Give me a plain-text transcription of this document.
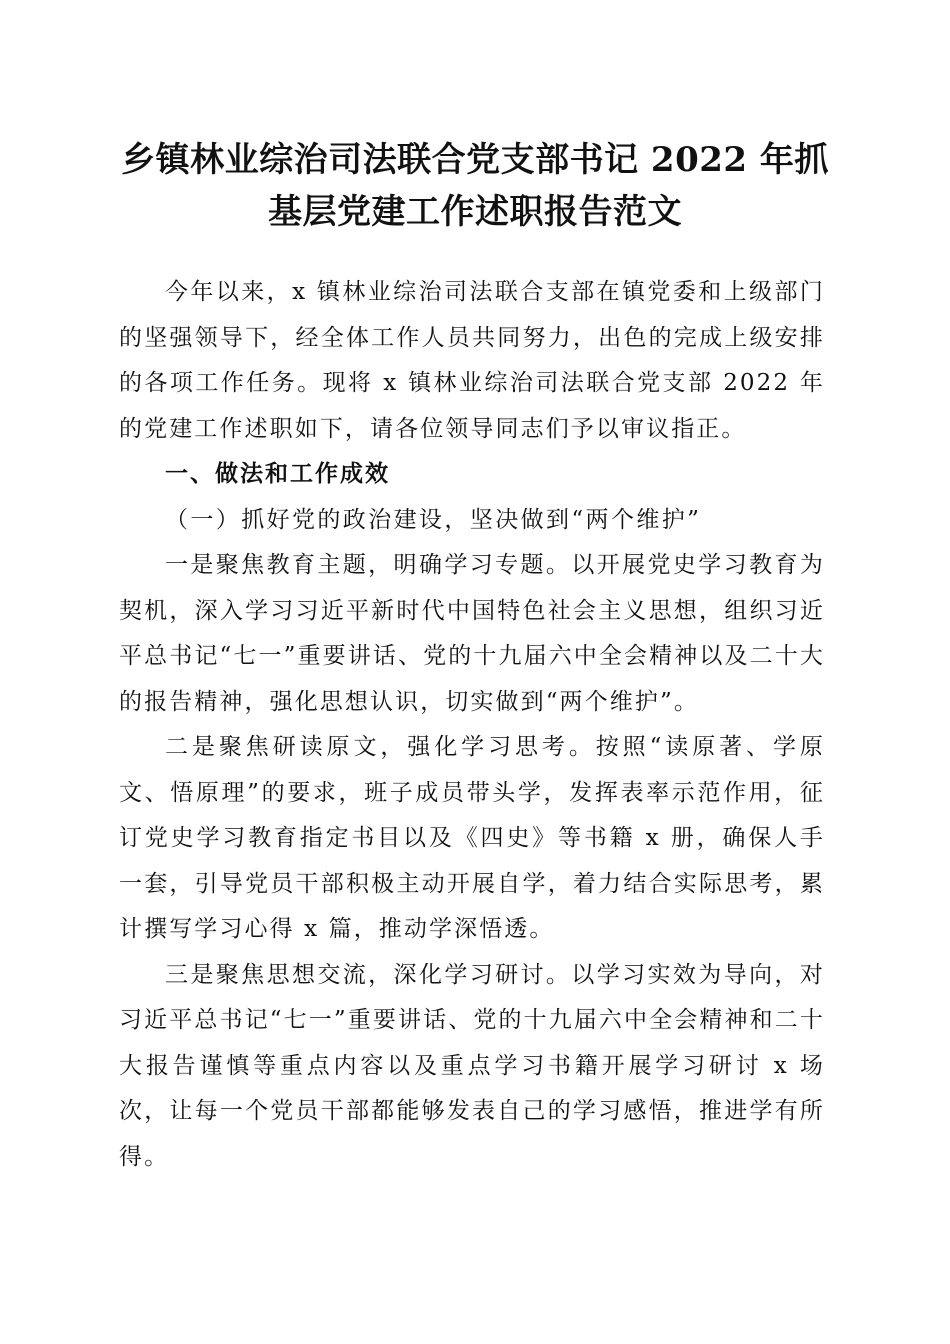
乡镇林业综治司法联合党支部书记 2022 年抓
基层党建工作述职报告范文

今年以来，x 镇林业综治司法联合支部在镇党委和上级部门的坚强领导下，经全体工作人员共同努力，出色的完成上级安排的各项工作任务。现将 x 镇林业综治司法联合党支部 2022 年的党建工作述职如下，请各位领导同志们予以审议指正。

一、做法和工作成效

（一）抓好党的政治建设，坚决做到“两个维护”

一是聚焦教育主题，明确学习专题。以开展党史学习教育为契机，深入学习习近平新时代中国特色社会主义思想，组织习近平总书记“七一”重要讲话、党的十九届六中全会精神以及二十大的报告精神，强化思想认识，切实做到“两个维护”。

二是聚焦研读原文，强化学习思考。按照“读原著、学原文、悟原理”的要求，班子成员带头学，发挥表率示范作用，征订党史学习教育指定书目以及《四史》等书籍 x 册，确保人手一套，引导党员干部积极主动开展自学，着力结合实际思考，累计撰写学习心得 x 篇，推动学深悟透。

三是聚焦思想交流，深化学习研讨。以学习实效为导向，对习近平总书记“七一”重要讲话、党的十九届六中全会精神和二十大报告谨慎等重点内容以及重点学习书籍开展学习研讨 x 场次，让每一个党员干部都能够发表自己的学习感悟，推进学有所得。
